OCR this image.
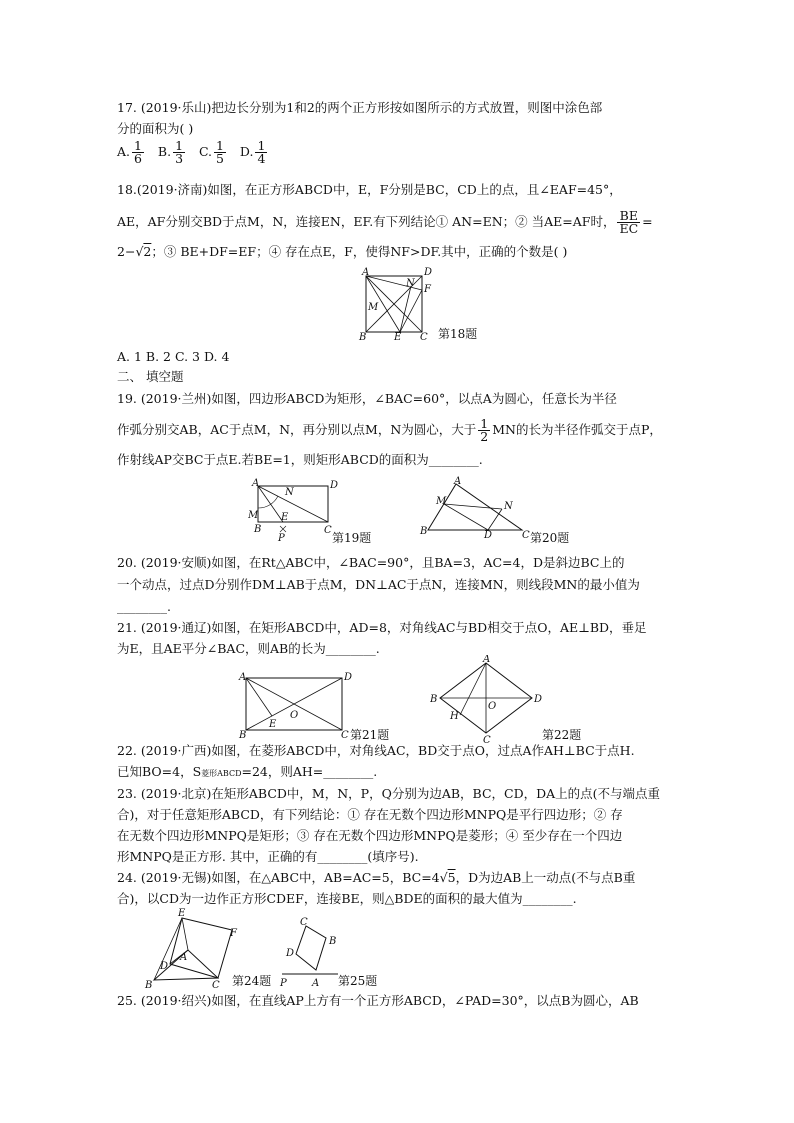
17. (2019·乐山)把边长分别为1和2的两个正方形按如图所示的方式放置，则图中涂色部
分的面积为( )
A. $\frac{1}{6} B$. $\frac{1}{3} C$. $\frac{1}{5} D$. $\frac{1}{4}$
18.(2019·济南)如图，在正方形ABCD中，E，F分别是BC，CD上的点，且∠EAF=45°，
AE，AF分别交BD于点M，N，连接EN，EF.有下列结论① AN=EN；② 当AE=AF时， $\frac{BE}{EC}$ =
2−√2；③ BE+DF=EF；④ 存在点E，F，使得NF>DF.其中，正确的个数是( )
A	D
N
F
M
B	E C 第18题
A. 1 B. 2 C. 3 D. 4
二、 填空题
19. (2019·兰州)如图，四边形ABCD为矩形，∠BAC=60°，以点A为圆心，任意长为半径
作弧分别交AB，AC于点M，N，再分别以点M，N为圆心，大于 $\frac{1}{2}$ MN的长为半径作弧交于点P，
作射线AP交BC于点E.若BE=1，则矩形ABCD的面积为________.
A	D
N
M E
B
P
C
第19题
A
M	N
B	D	C 第20题
20. (2019·安顺)如图，在Rt△ABC中，∠BAC=90°，且BA=3，AC=4，D是斜边BC上的
一个动点，过点D分别作DM⊥AB于点M，DN⊥AC于点N，连接MN，则线段MN的最小值为
________.
21. (2019·通辽)如图，在矩形ABCD中，AD=8，对角线AC与BD相交于点O，AE⊥BD，垂足
为E，且AE平分∠BAC，则AB的长为________.
A	D
E
O
B	C 第21题
A
B	D
H
O
C	第22题
22. (2019·广西)如图，在菱形ABCD中，对角线AC，BD交于点O，过点A作AH⊥BC于点H.
已知BO=4，S菱形ABCD=24，则AH=________.
23. (2019·北京)在矩形ABCD中，M，N，P，Q分别为边AB，BC，CD，DA上的点(不与端点重
合)，对于任意矩形ABCD，有下列结论：① 存在无数个四边形MNPQ是平行四边形；② 存
在无数个四边形MNPQ是矩形；③ 存在无数个四边形MNPQ是菱形；④ 至少存在一个四边
形MNPQ是正方形. 其中，正确的有________(填序号).
24. (2019·无锡)如图，在△ABC中，AB=AC=5，BC=4√5，D为边AB上一动点(不与点B重
合)，以CD为一边作正方形CDEF，连接BE，则△BDE的面积的最大值为________.
E
F
D
A
B	C 第24题
C
B
D
P	A 第25题
25. (2019·绍兴)如图，在直线AP上方有一个正方形ABCD，∠PAD=30°，以点B为圆心，AB
